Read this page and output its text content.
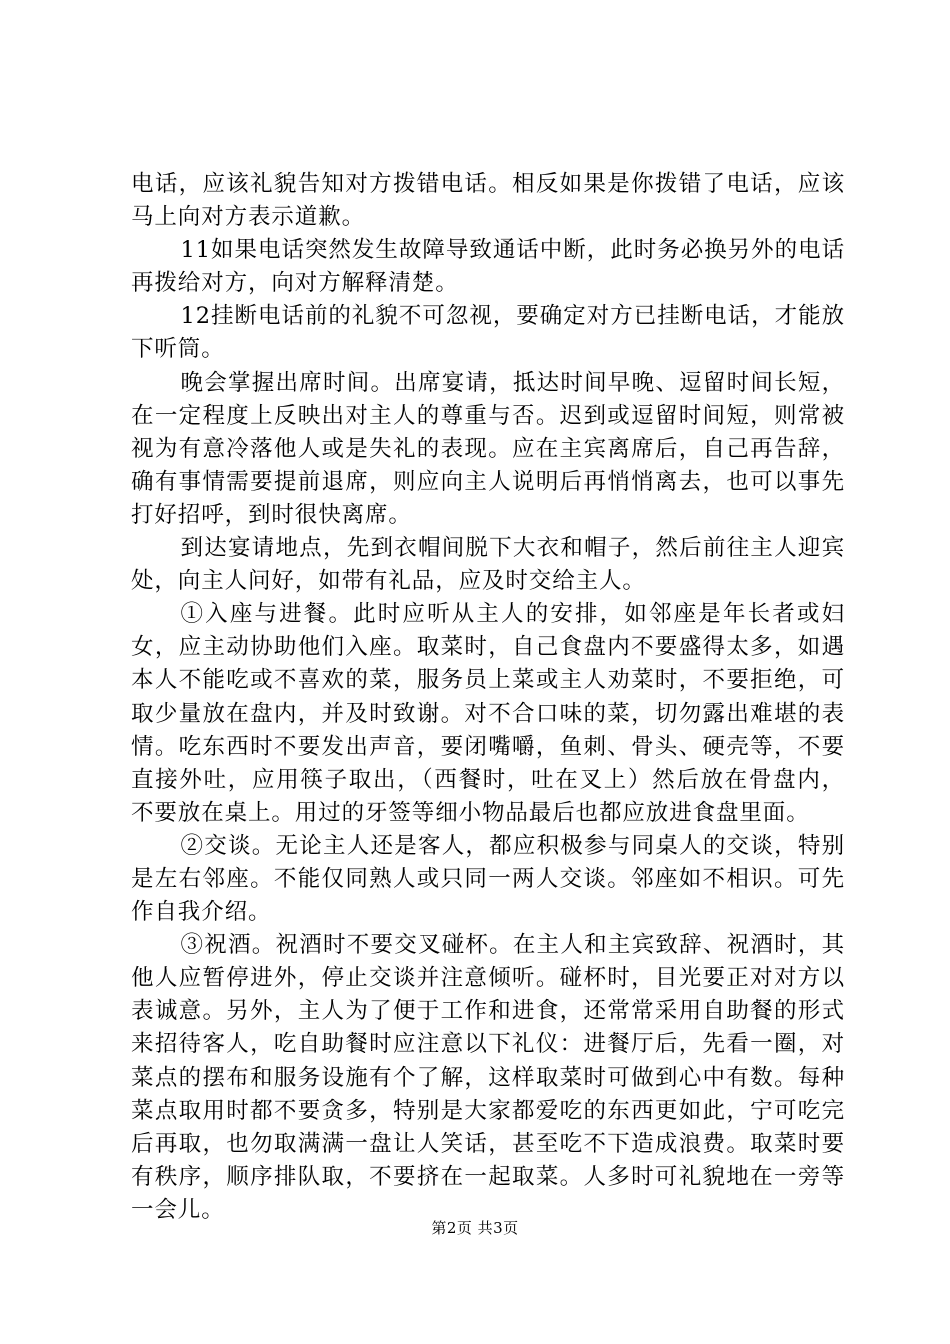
电话，应该礼貌告知对方拨错电话。相反如果是你拨错了电话，应该马上向对方表示道歉。

11如果电话突然发生故障导致通话中断，此时务必换另外的电话再拨给对方，向对方解释清楚。

12挂断电话前的礼貌不可忽视，要确定对方已挂断电话，才能放下听筒。

晚会掌握出席时间。出席宴请，抵达时间早晚、逗留时间长短，在一定程度上反映出对主人的尊重与否。迟到或逗留时间短，则常被视为有意冷落他人或是失礼的表现。应在主宾离席后，自己再告辞，确有事情需要提前退席，则应向主人说明后再悄悄离去，也可以事先打好招呼，到时很快离席。

到达宴请地点，先到衣帽间脱下大衣和帽子，然后前往主人迎宾处，向主人问好，如带有礼品，应及时交给主人。

①入座与进餐。此时应听从主人的安排，如邻座是年长者或妇女，应主动协助他们入座。取菜时，自己食盘内不要盛得太多，如遇本人不能吃或不喜欢的菜，服务员上菜或主人劝菜时，不要拒绝，可取少量放在盘内，并及时致谢。对不合口味的菜，切勿露出难堪的表情。吃东西时不要发出声音，要闭嘴嚼，鱼刺、骨头、硬壳等，不要直接外吐，应用筷子取出，（西餐时，吐在叉上）然后放在骨盘内，不要放在桌上。用过的牙签等细小物品最后也都应放进食盘里面。

②交谈。无论主人还是客人，都应积极参与同桌人的交谈，特别是左右邻座。不能仅同熟人或只同一两人交谈。邻座如不相识。可先作自我介绍。

③祝酒。祝酒时不要交叉碰杯。在主人和主宾致辞、祝酒时，其他人应暂停进外，停止交谈并注意倾听。碰杯时，目光要正对对方以表诚意。另外，主人为了便于工作和进食，还常常采用自助餐的形式来招待客人，吃自助餐时应注意以下礼仪：进餐厅后，先看一圈，对菜点的摆布和服务设施有个了解，这样取菜时可做到心中有数。每种菜点取用时都不要贪多，特别是大家都爱吃的东西更如此，宁可吃完后再取，也勿取满满一盘让人笑话，甚至吃不下造成浪费。取菜时要有秩序，顺序排队取，不要挤在一起取菜。人多时可礼貌地在一旁等一会儿。

第2页 共3页
